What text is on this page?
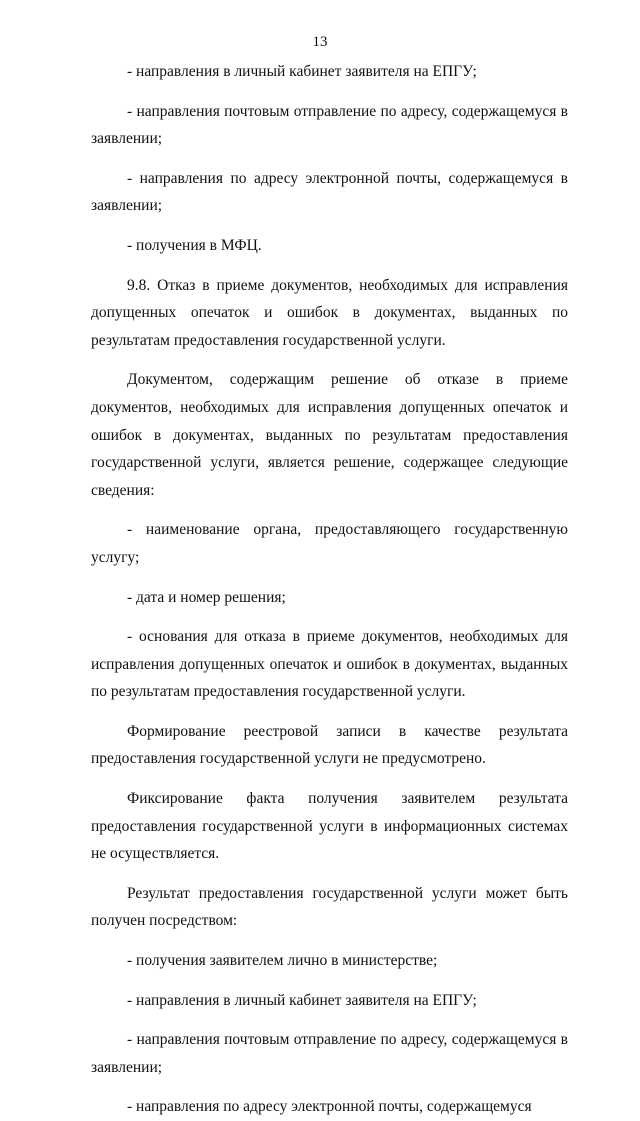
13

- направления в личный кабинет заявителя на ЕПГУ;

- направления почтовым отправление по адресу, содержащемуся в заявлении;

- направления по адресу электронной почты, содержащемуся в заявлении;

- получения в МФЦ.

9.8. Отказ в приеме документов, необходимых для исправления допущенных опечаток и ошибок в документах, выданных по результатам предоставления государственной услуги.

Документом, содержащим решение об отказе в приеме документов, необходимых для исправления допущенных опечаток и ошибок в документах, выданных по результатам предоставления государственной услуги, является решение, содержащее следующие сведения:

- наименование органа, предоставляющего государственную услугу;

- дата и номер решения;

- основания для отказа в приеме документов, необходимых для исправления допущенных опечаток и ошибок в документах, выданных по результатам предоставления государственной услуги.

Формирование реестровой записи в качестве результата предоставления государственной услуги не предусмотрено.

Фиксирование факта получения заявителем результата предоставления государственной услуги в информационных системах не осуществляется.

Результат предоставления государственной услуги может быть получен посредством:

- получения заявителем лично в министерстве;

- направления в личный кабинет заявителя на ЕПГУ;

- направления почтовым отправление по адресу, содержащемуся в заявлении;

- направления по адресу электронной почты, содержащемуся
